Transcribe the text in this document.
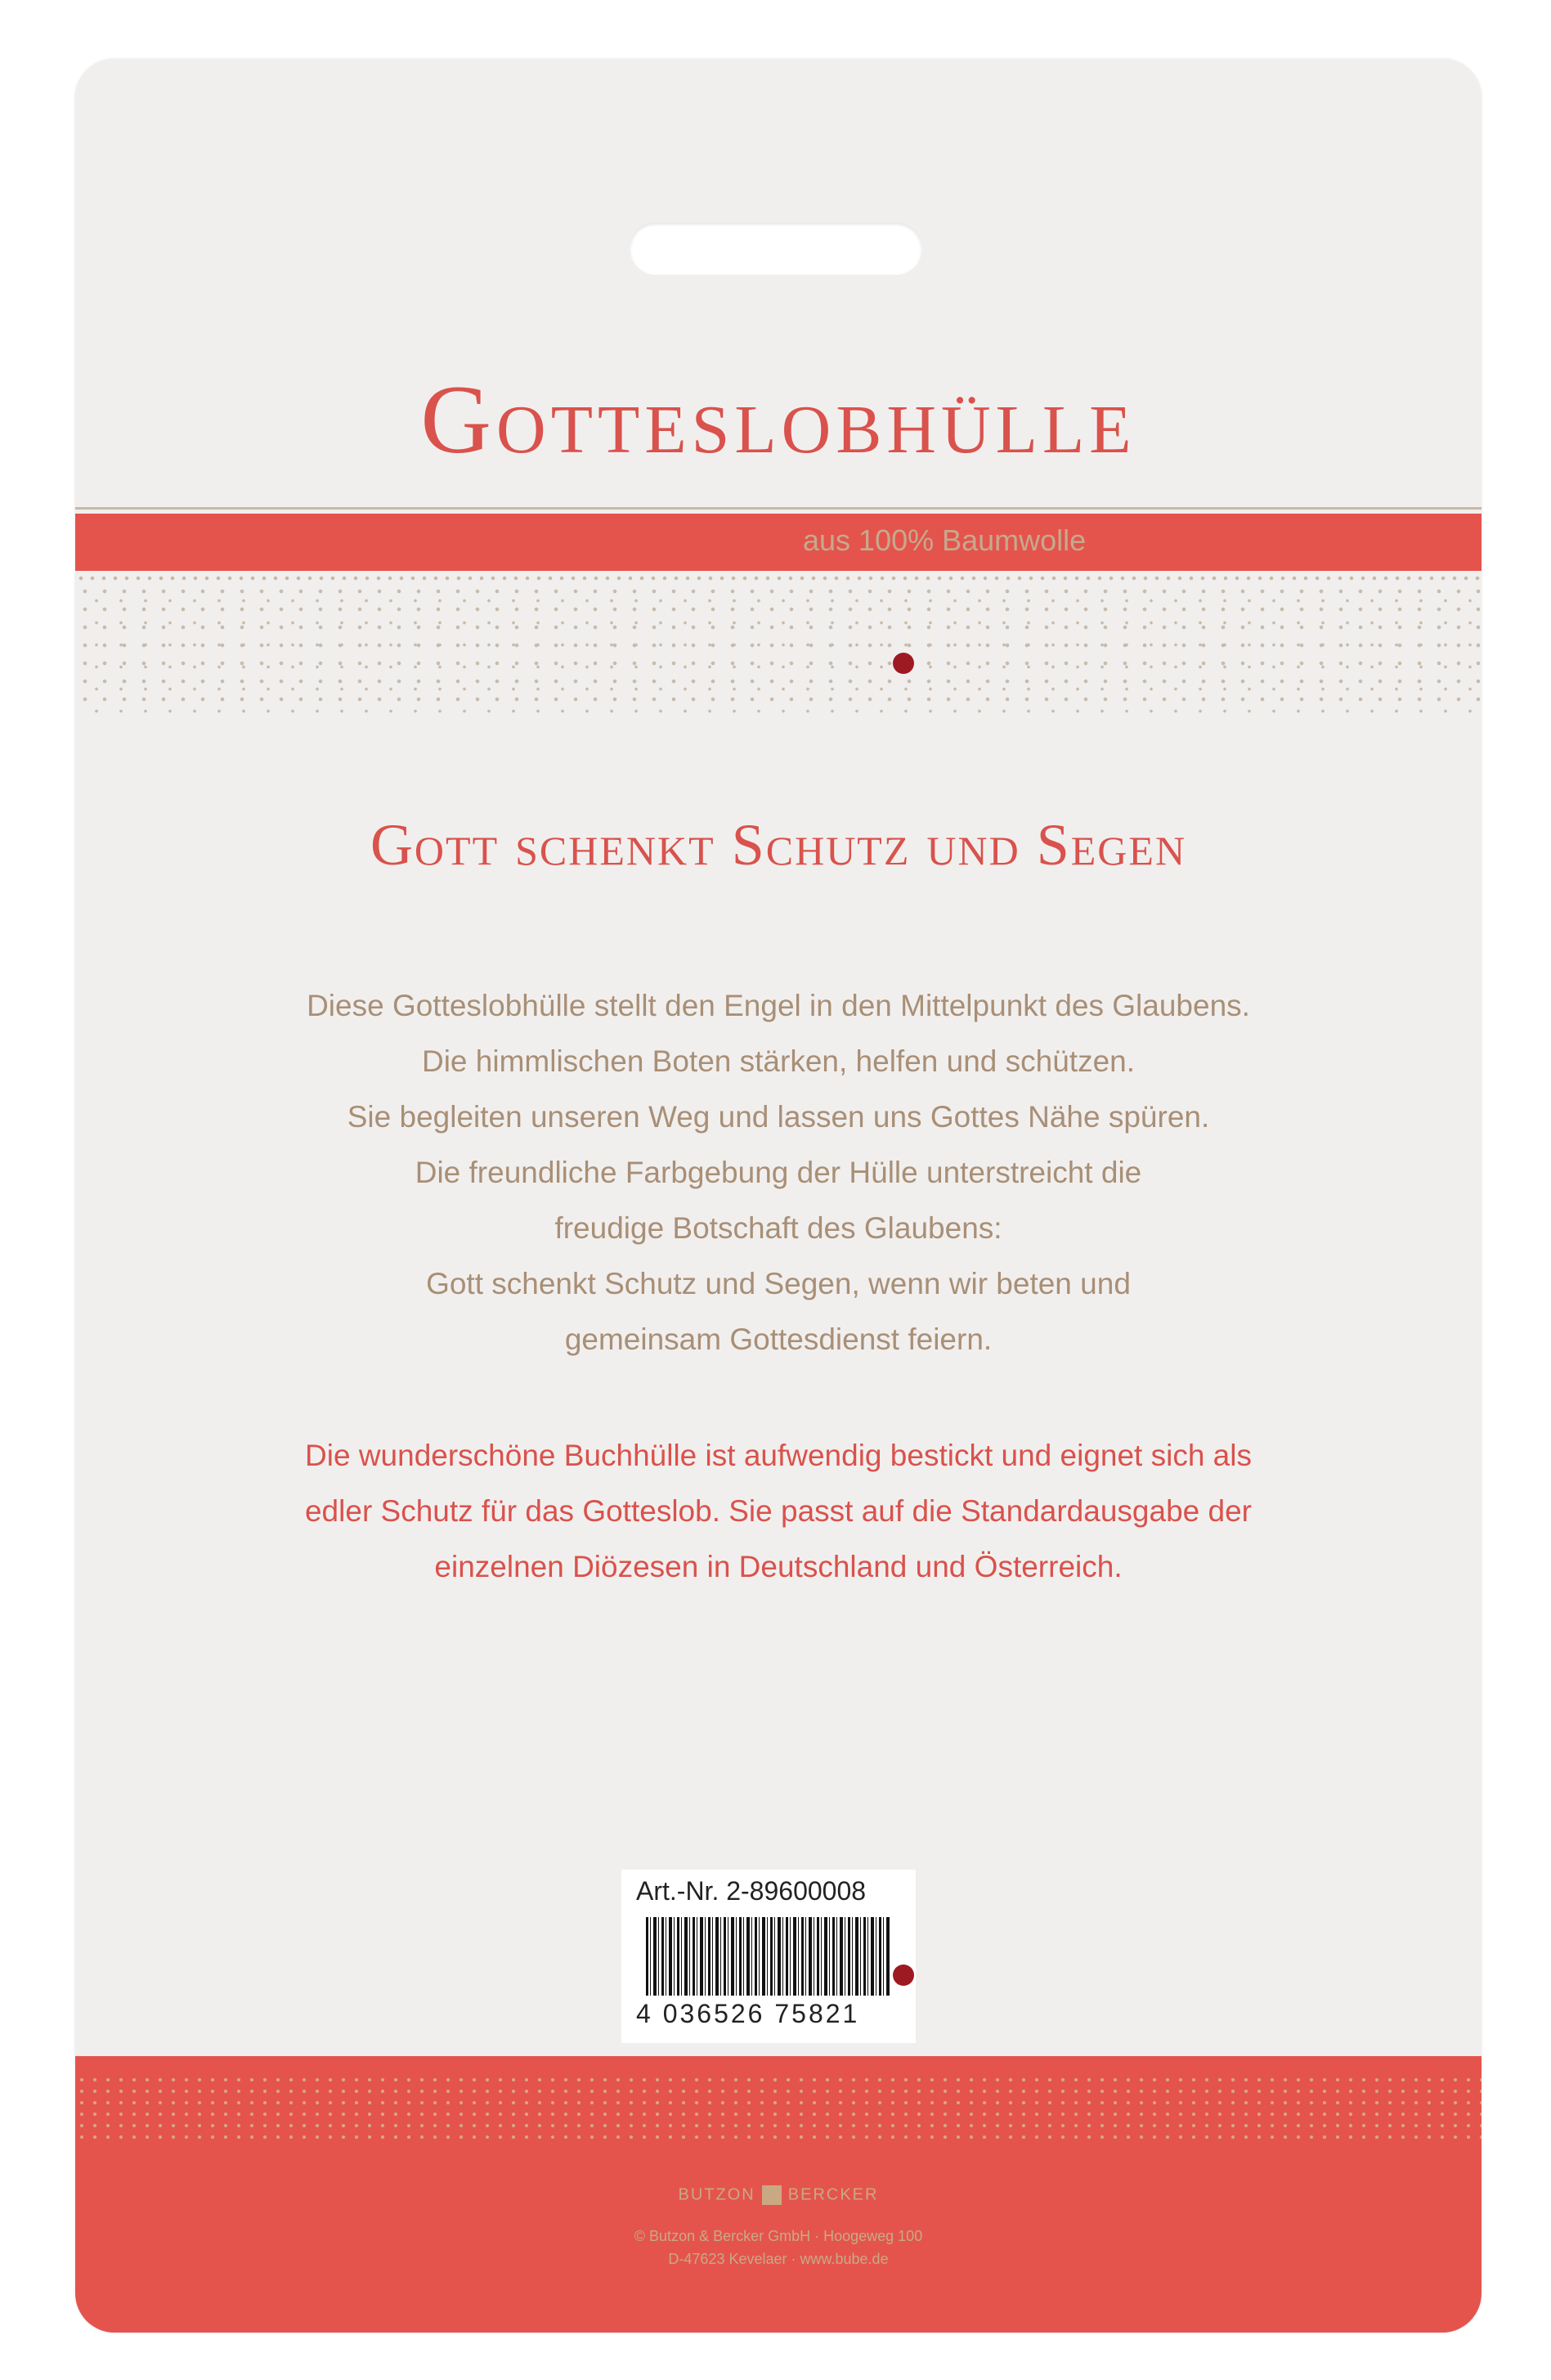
Gotteslobhülle
aus 100% Baumwolle
Gott schenkt Schutz und Segen
Diese Gotteslobhülle stellt den Engel in den Mittelpunkt des Glaubens.
Die himmlischen Boten stärken, helfen und schützen.
Sie begleiten unseren Weg und lassen uns Gottes Nähe spüren.
Die freundliche Farbgebung der Hülle unterstreicht die
freudige Botschaft des Glaubens:
Gott schenkt Schutz und Segen, wenn wir beten und
gemeinsam Gottesdienst feiern.
Die wunderschöne Buchhülle ist aufwendig bestickt und eignet sich als
edler Schutz für das Gotteslob. Sie passt auf die Standardausgabe der
einzelnen Diözesen in Deutschland und Österreich.
Art.-Nr. 2-89600008
4 036526 75821
BUTZON BERCKER
© Butzon & Bercker GmbH · Hoogeweg 100
D-47623 Kevelaer · www.bube.de
